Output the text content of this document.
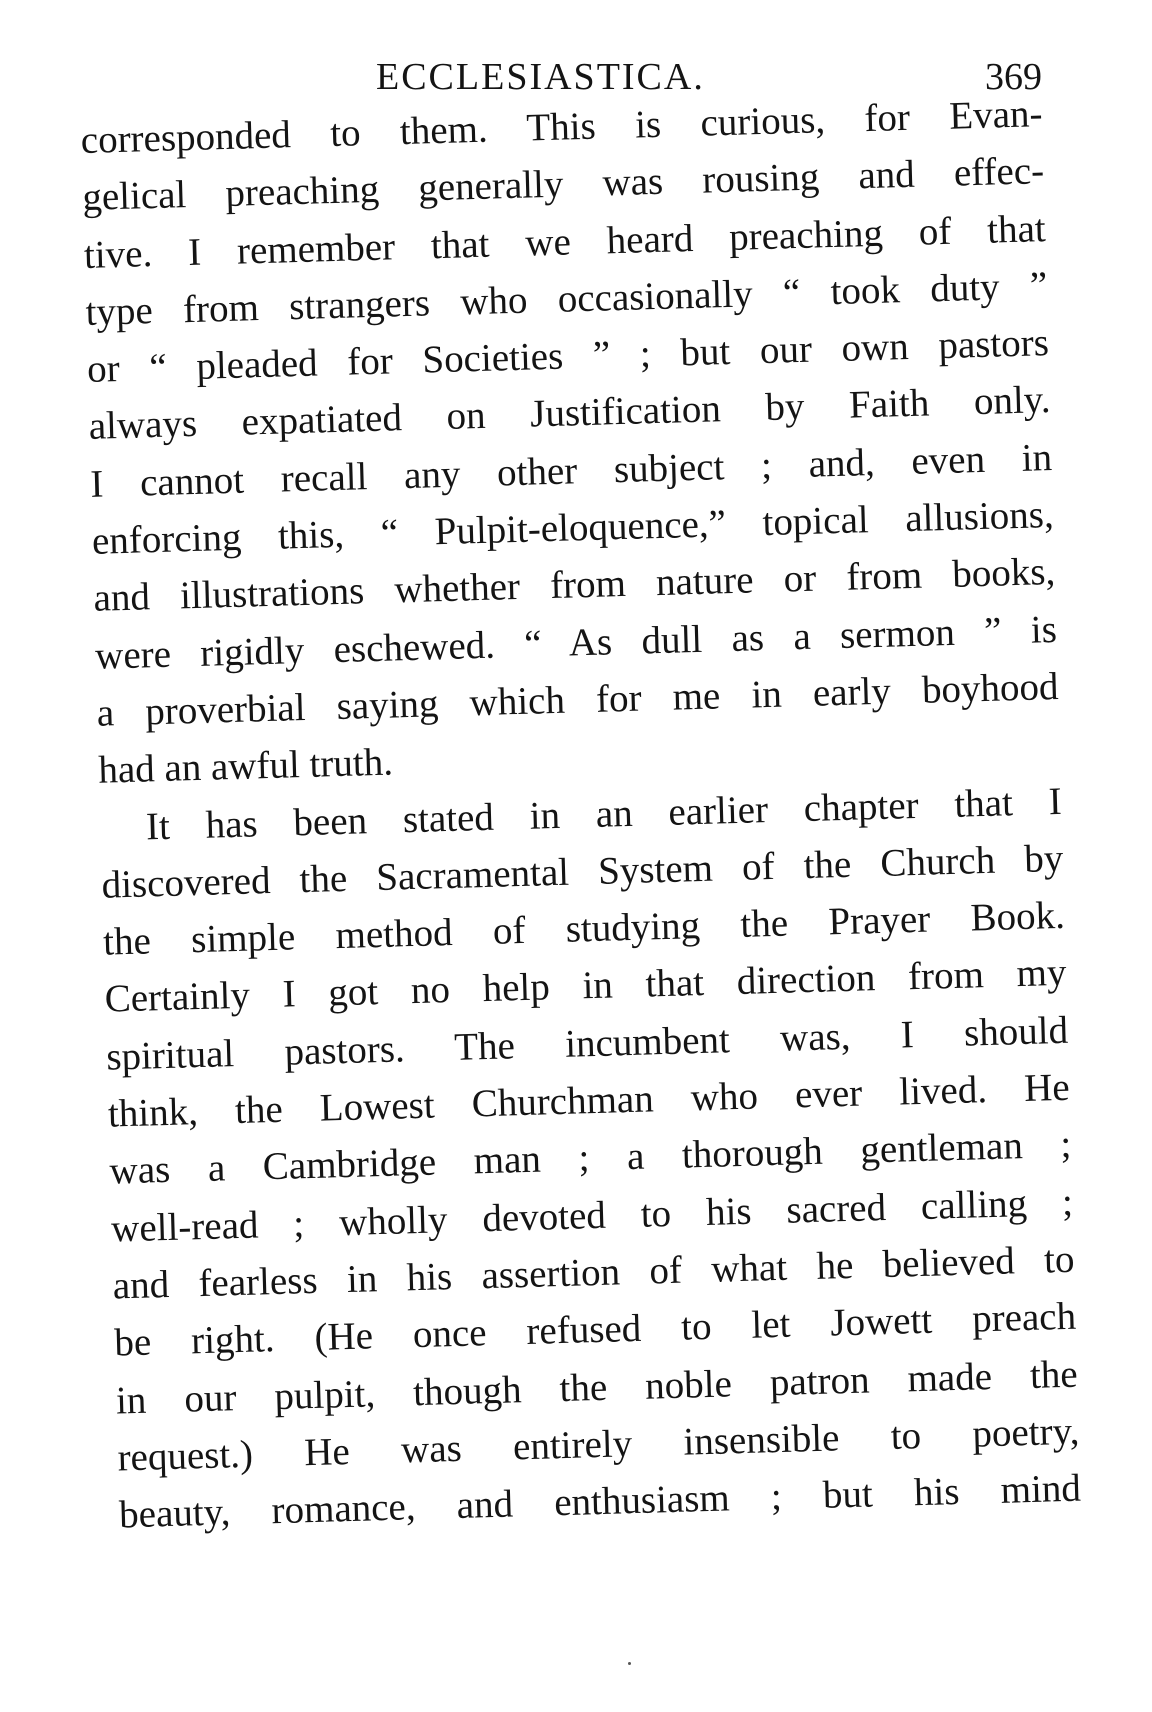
ECCLESIASTICA.	369

corresponded to them. This is curious, for Evan-
gelical preaching generally was rousing and effec-
tive. I remember that we heard preaching of that
type from strangers who occasionally “ took duty ”
or “ pleaded for Societies ” ; but our own pastors
always expatiated on Justification by Faith only.
I cannot recall any other subject ; and, even in
enforcing this, “ Pulpit-eloquence,” topical allusions,
and illustrations whether from nature or from books,
were rigidly eschewed. “ As dull as a sermon ” is
a proverbial saying which for me in early boyhood
had an awful truth.

It has been stated in an earlier chapter that I
discovered the Sacramental System of the Church by
the simple method of studying the Prayer Book.
Certainly I got no help in that direction from my
spiritual pastors. The incumbent was, I should
think, the Lowest Churchman who ever lived. He
was a Cambridge man ; a thorough gentleman ;
well-read ; wholly devoted to his sacred calling ;
and fearless in his assertion of what he believed to
be right. (He once refused to let Jowett preach
in our pulpit, though the noble patron made the
request.) He was entirely insensible to poetry,
beauty, romance, and enthusiasm ; but his mind
